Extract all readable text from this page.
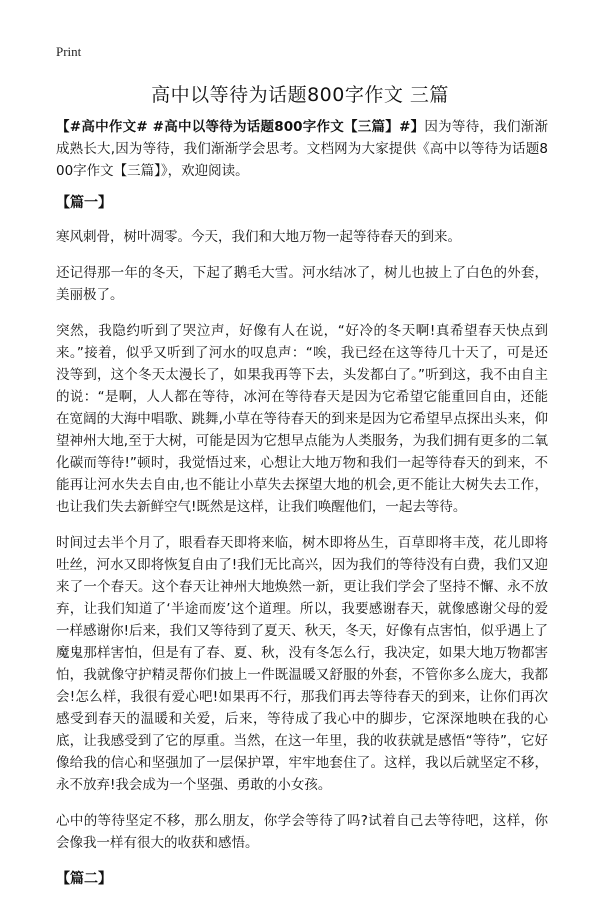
Print
高中以等待为话题800字作文 三篇

【#高中作文# #高中以等待为话题800字作文【三篇】#】因为等待，我们渐渐成熟长大,因为等待，我们渐渐学会思考。文档网为大家提供《高中以等待为话题800字作文【三篇】》，欢迎阅读。

【篇一】

寒风刺骨，树叶凋零。今天，我们和大地万物一起等待春天的到来。

还记得那一年的冬天，下起了鹅毛大雪。河水结冰了，树儿也披上了白色的外套，美丽极了。

突然，我隐约听到了哭泣声，好像有人在说，“好冷的冬天啊!真希望春天快点到来。”接着，似乎又听到了河水的叹息声：“唉，我已经在这等待几十天了，可是还没等到，这个冬天太漫长了，如果我再等下去，头发都白了。”听到这，我不由自主的说：“是啊，人人都在等待，冰河在等待春天是因为它希望它能重回自由，还能在宽阔的大海中唱歌、跳舞,小草在等待春天的到来是因为它希望早点探出头来，仰望神州大地,至于大树，可能是因为它想早点能为人类服务，为我们拥有更多的二氧化碳而等待!”顿时，我觉悟过来，心想让大地万物和我们一起等待春天的到来，不能再让河水失去自由,也不能让小草失去探望大地的机会,更不能让大树失去工作，也让我们失去新鲜空气!既然是这样，让我们唤醒他们，一起去等待。

时间过去半个月了，眼看春天即将来临，树木即将丛生，百草即将丰茂，花儿即将吐丝，河水又即将恢复自由了!我们无比高兴，因为我们的等待没有白费，我们又迎来了一个春天。这个春天让神州大地焕然一新，更让我们学会了坚持不懈、永不放弃，让我们知道了‘半途而废’这个道理。所以，我要感谢春天，就像感谢父母的爱一样感谢你!后来，我们又等待到了夏天、秋天，冬天，好像有点害怕，似乎遇上了魔鬼那样害怕，但是有了春、夏、秋，没有冬怎么行，我决定，如果大地万物都害怕，我就像守护精灵帮你们披上一件既温暖又舒服的外套，不管你多么庞大，我都会!怎么样，我很有爱心吧!如果再不行，那我们再去等待春天的到来，让你们再次感受到春天的温暖和关爱，后来，等待成了我心中的脚步，它深深地映在我的心底，让我感受到了它的厚重。当然，在这一年里，我的收获就是感悟“等待”，它好像给我的信心和坚强加了一层保护罩，牢牢地套住了。这样，我以后就坚定不移，永不放弃!我会成为一个坚强、勇敢的小女孩。

心中的等待坚定不移，那么朋友，你学会等待了吗?试着自己去等待吧，这样，你会像我一样有很大的收获和感悟。

【篇二】
